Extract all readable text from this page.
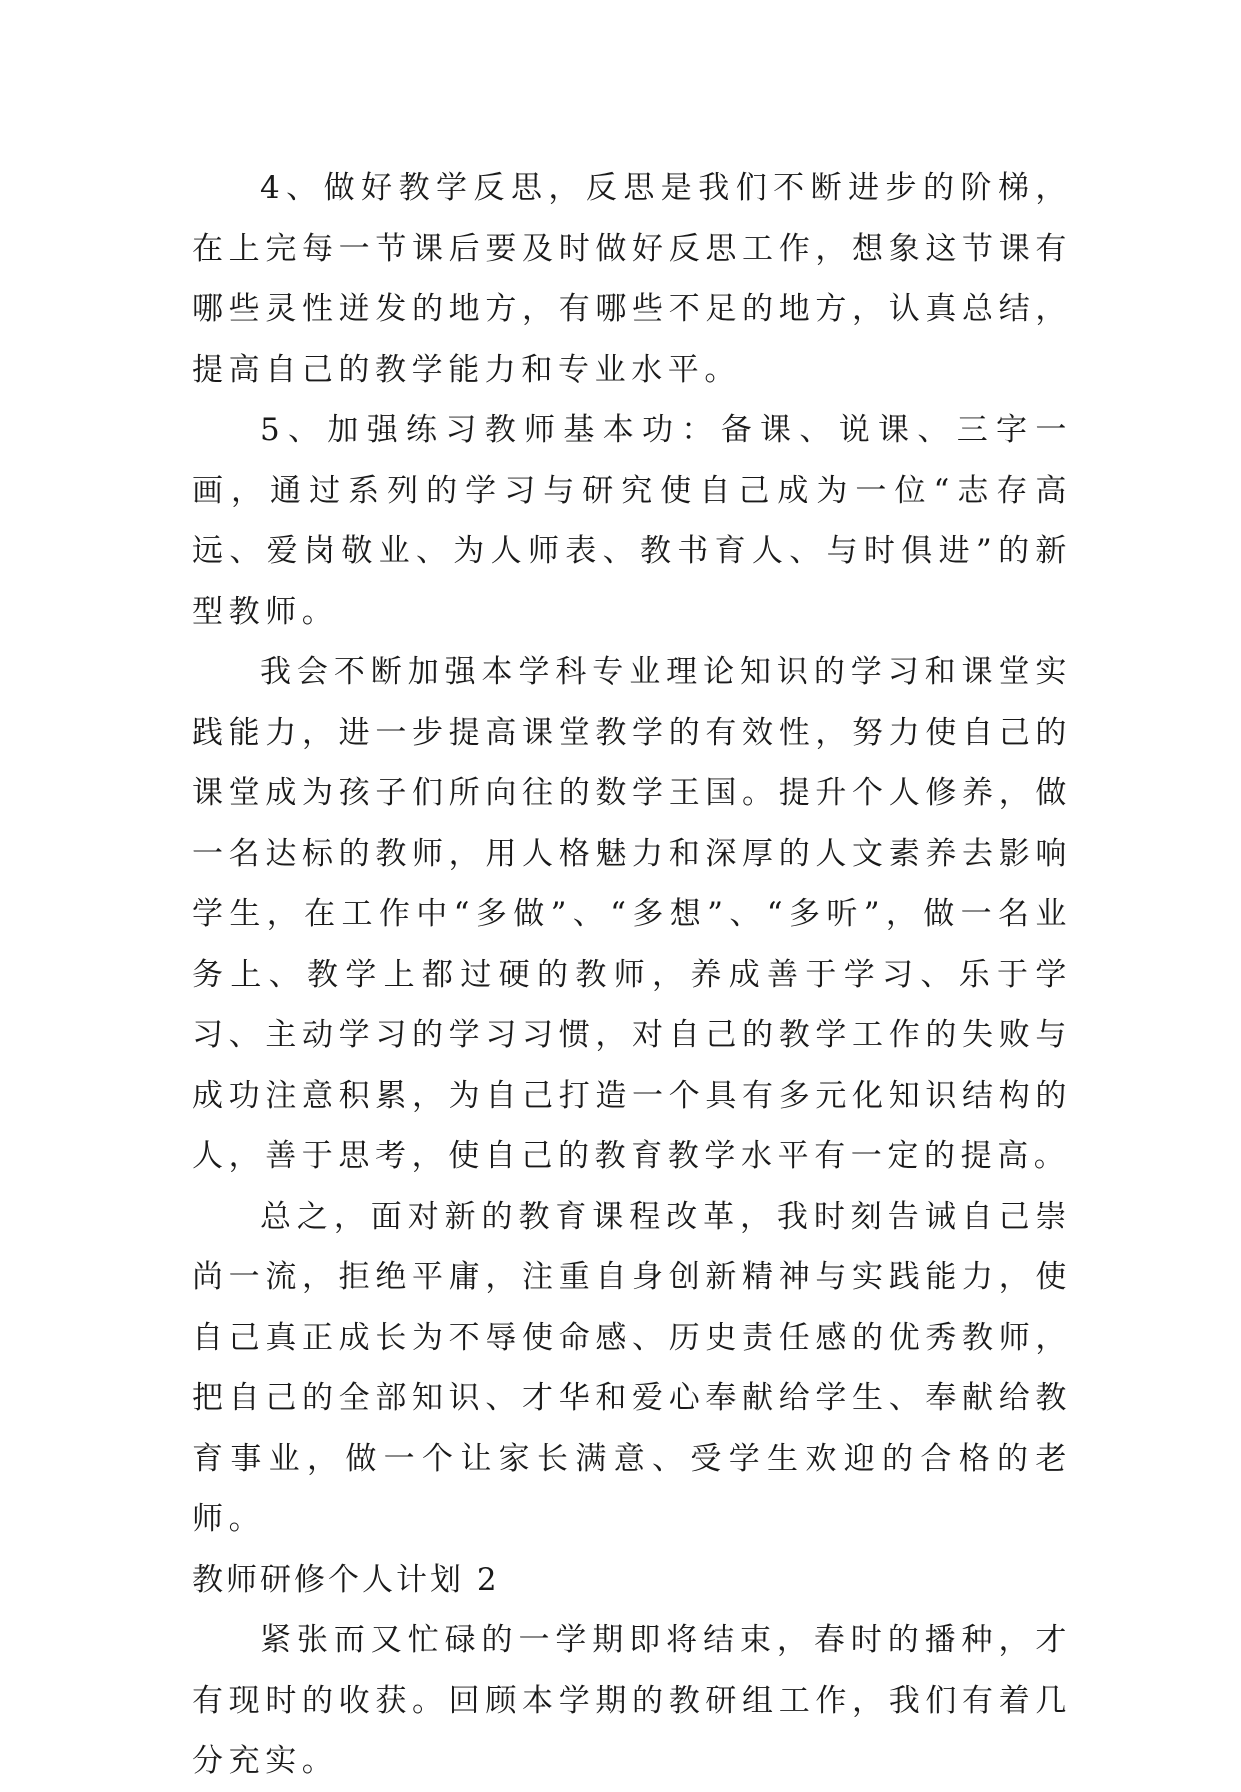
4、做好教学反思，反思是我们不断进步的阶梯，在上完每一节课后要及时做好反思工作，想象这节课有哪些灵性迸发的地方，有哪些不足的地方，认真总结，提高自己的教学能力和专业水平。

5、加强练习教师基本功：备课、说课、三字一画，通过系列的学习与研究使自己成为一位“志存高远、爱岗敬业、为人师表、教书育人、与时俱进”的新型教师。

我会不断加强本学科专业理论知识的学习和课堂实践能力，进一步提高课堂教学的有效性，努力使自己的课堂成为孩子们所向往的数学王国。提升个人修养，做一名达标的教师，用人格魅力和深厚的人文素养去影响学生，在工作中“多做”、“多想”、“多听”，做一名业务上、教学上都过硬的教师，养成善于学习、乐于学习、主动学习的学习习惯，对自己的教学工作的失败与成功注意积累，为自己打造一个具有多元化知识结构的人，善于思考，使自己的教育教学水平有一定的提高。

总之，面对新的教育课程改革，我时刻告诫自己崇尚一流，拒绝平庸，注重自身创新精神与实践能力，使自己真正成长为不辱使命感、历史责任感的优秀教师，把自己的全部知识、才华和爱心奉献给学生、奉献给教育事业，做一个让家长满意、受学生欢迎的合格的老师。

教师研修个人计划 2

紧张而又忙碌的一学期即将结束，春时的播种，才有现时的收获。回顾本学期的教研组工作，我们有着几分充实。
